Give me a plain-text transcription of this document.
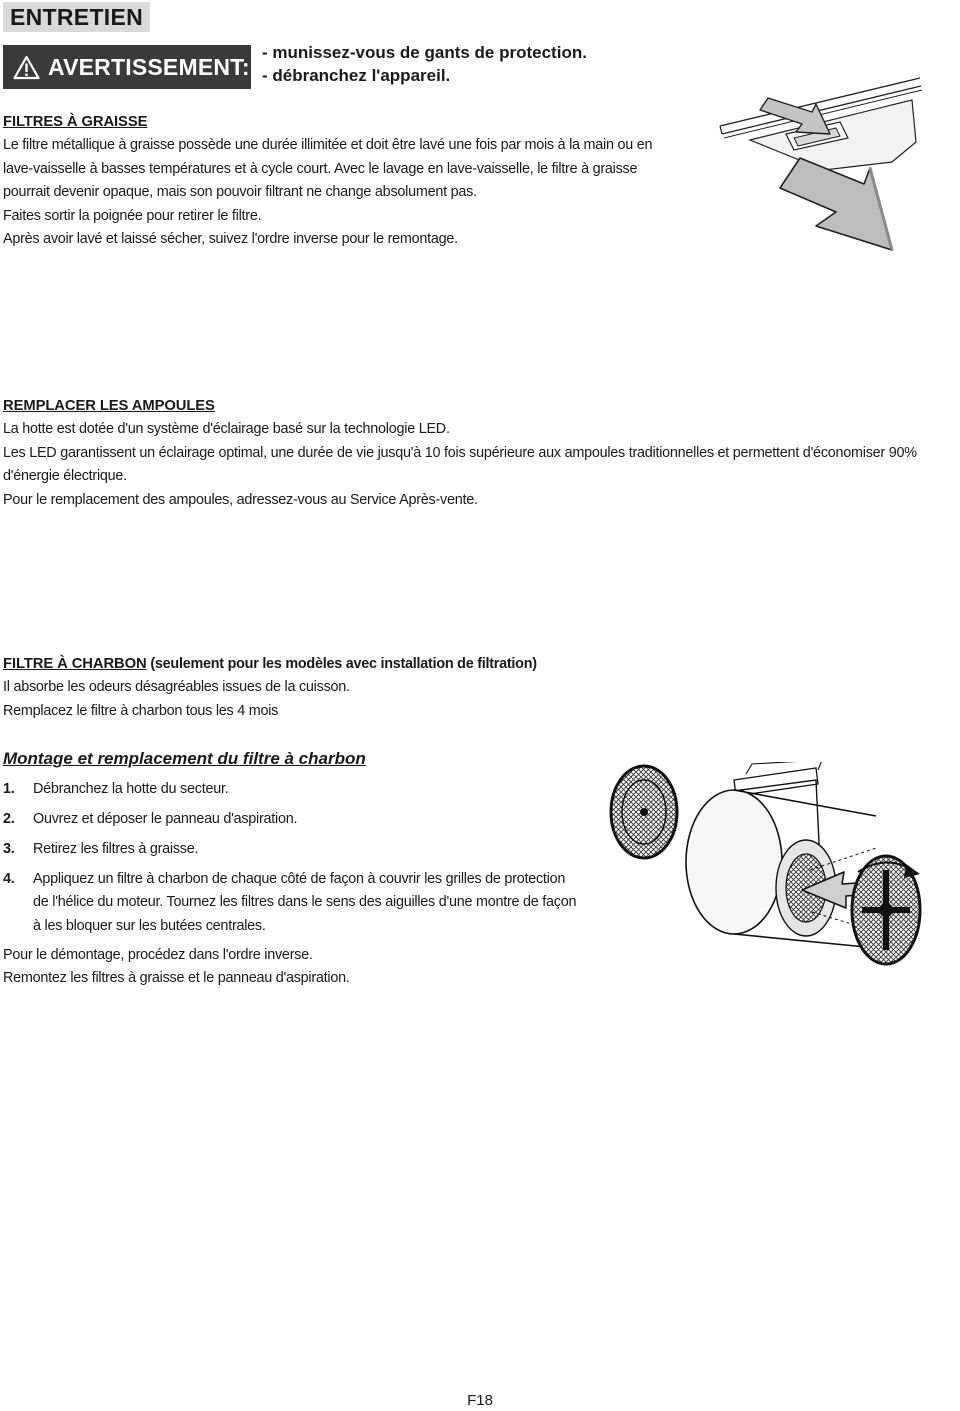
ENTRETIEN
AVERTISSEMENT:
- munissez-vous de gants de protection.
- débranchez l'appareil.

FILTRES À GRAISSE

Le filtre métallique à graisse possède une durée illimitée et doit être lavé une fois par mois à la main ou en lave-vaisselle à basses températures et à cycle court. Avec le lavage en lave-vaisselle, le filtre à graisse pourrait devenir opaque, mais son pouvoir filtrant ne change absolument pas.

Faites sortir la poignée pour retirer le filtre.

Après avoir lavé et laissé sécher, suivez l'ordre inverse pour le remontage.

REMPLACER LES AMPOULES

La hotte est dotée d'un système d'éclairage basé sur la technologie LED.

Les LED garantissent un éclairage optimal, une durée de vie jusqu'à 10 fois supérieure aux ampoules traditionnelles et permettent d'économiser 90% d'énergie électrique.

Pour le remplacement des ampoules, adressez-vous au Service Après-vente.

FILTRE À CHARBON (seulement pour les modèles avec installation de filtration)

Il absorbe les odeurs désagréables issues de la cuisson.

Remplacez le filtre à charbon tous les 4 mois

Montage et remplacement du filtre à charbon
1.	Débranchez la hotte du secteur.
2.	Ouvrez et déposer le panneau d'aspiration.
3.	Retirez les filtres à graisse.
4.	Appliquez un filtre à charbon de chaque côté de façon à couvrir les grilles de protection de l'hélice du moteur. Tournez les filtres dans le sens des aiguilles d'une montre de façon à les bloquer sur les butées centrales.

Pour le démontage, procédez dans l'ordre inverse.

Remontez les filtres à graisse et le panneau d'aspiration.

F18
